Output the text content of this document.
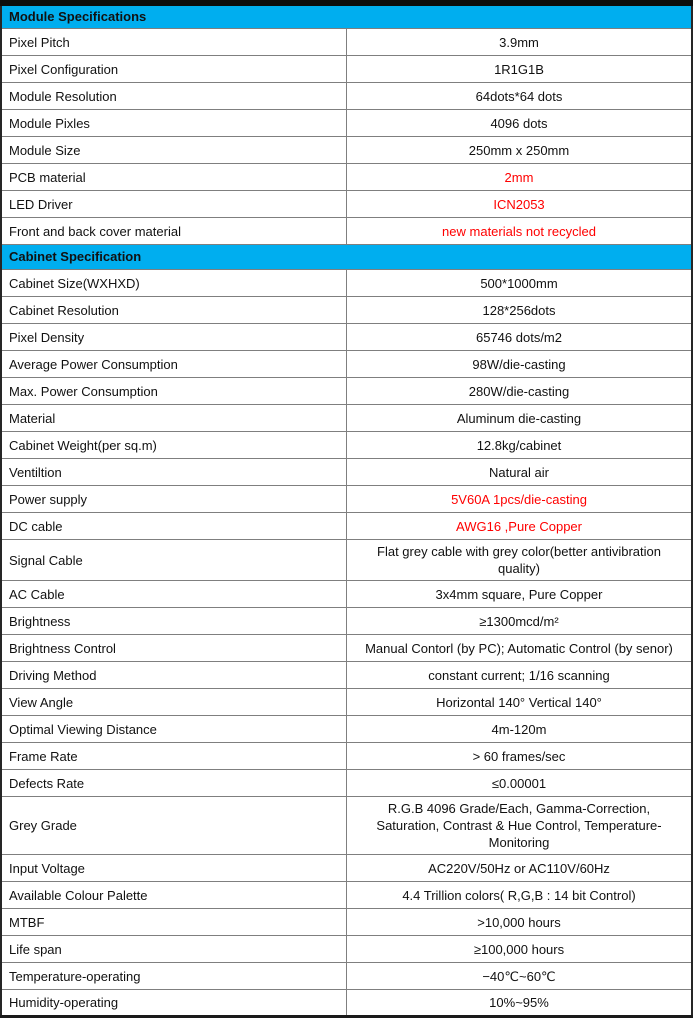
Module Specifications	
Pixel Pitch	3.9mm
Pixel Configuration	1R1G1B
Module Resolution	64dots*64 dots
Module Pixles	4096 dots
Module Size	250mm x 250mm
PCB material	2mm
LED Driver	ICN2053
Front and back cover material	new materials not recycled
Cabinet Specification	
Cabinet Size(WXHXD)	500*1000mm
Cabinet Resolution	128*256dots
Pixel Density	65746 dots/m2
Average Power Consumption	98W/die-casting
Max. Power Consumption	280W/die-casting
Material	Aluminum die-casting
Cabinet Weight(per sq.m)	12.8kg/cabinet
Ventiltion	Natural air
Power supply	5V60A 1pcs/die-casting
DC cable	AWG16 ,Pure Copper
Signal Cable	Flat grey cable with grey color(better antivibration quality)
AC Cable	3x4mm square, Pure Copper
Brightness	≥1300mcd/m²
Brightness Control	Manual Contorl (by PC); Automatic Control (by senor)
Driving Method	constant current; 1/16 scanning
View Angle	Horizontal 140° Vertical 140°
Optimal Viewing Distance	4m-120m
Frame Rate	> 60 frames/sec
Defects Rate	≤0.00001
Grey Grade	R.G.B 4096 Grade/Each, Gamma-Correction, Saturation, Contrast & Hue Control, Temperature-Monitoring
Input Voltage	AC220V/50Hz or AC110V/60Hz
Available Colour Palette	4.4 Trillion colors( R,G,B : 14 bit Control)
MTBF	>10,000 hours
Life span	≥100,000 hours
Temperature-operating	−40℃~60℃
Humidity-operating	10%~95%
